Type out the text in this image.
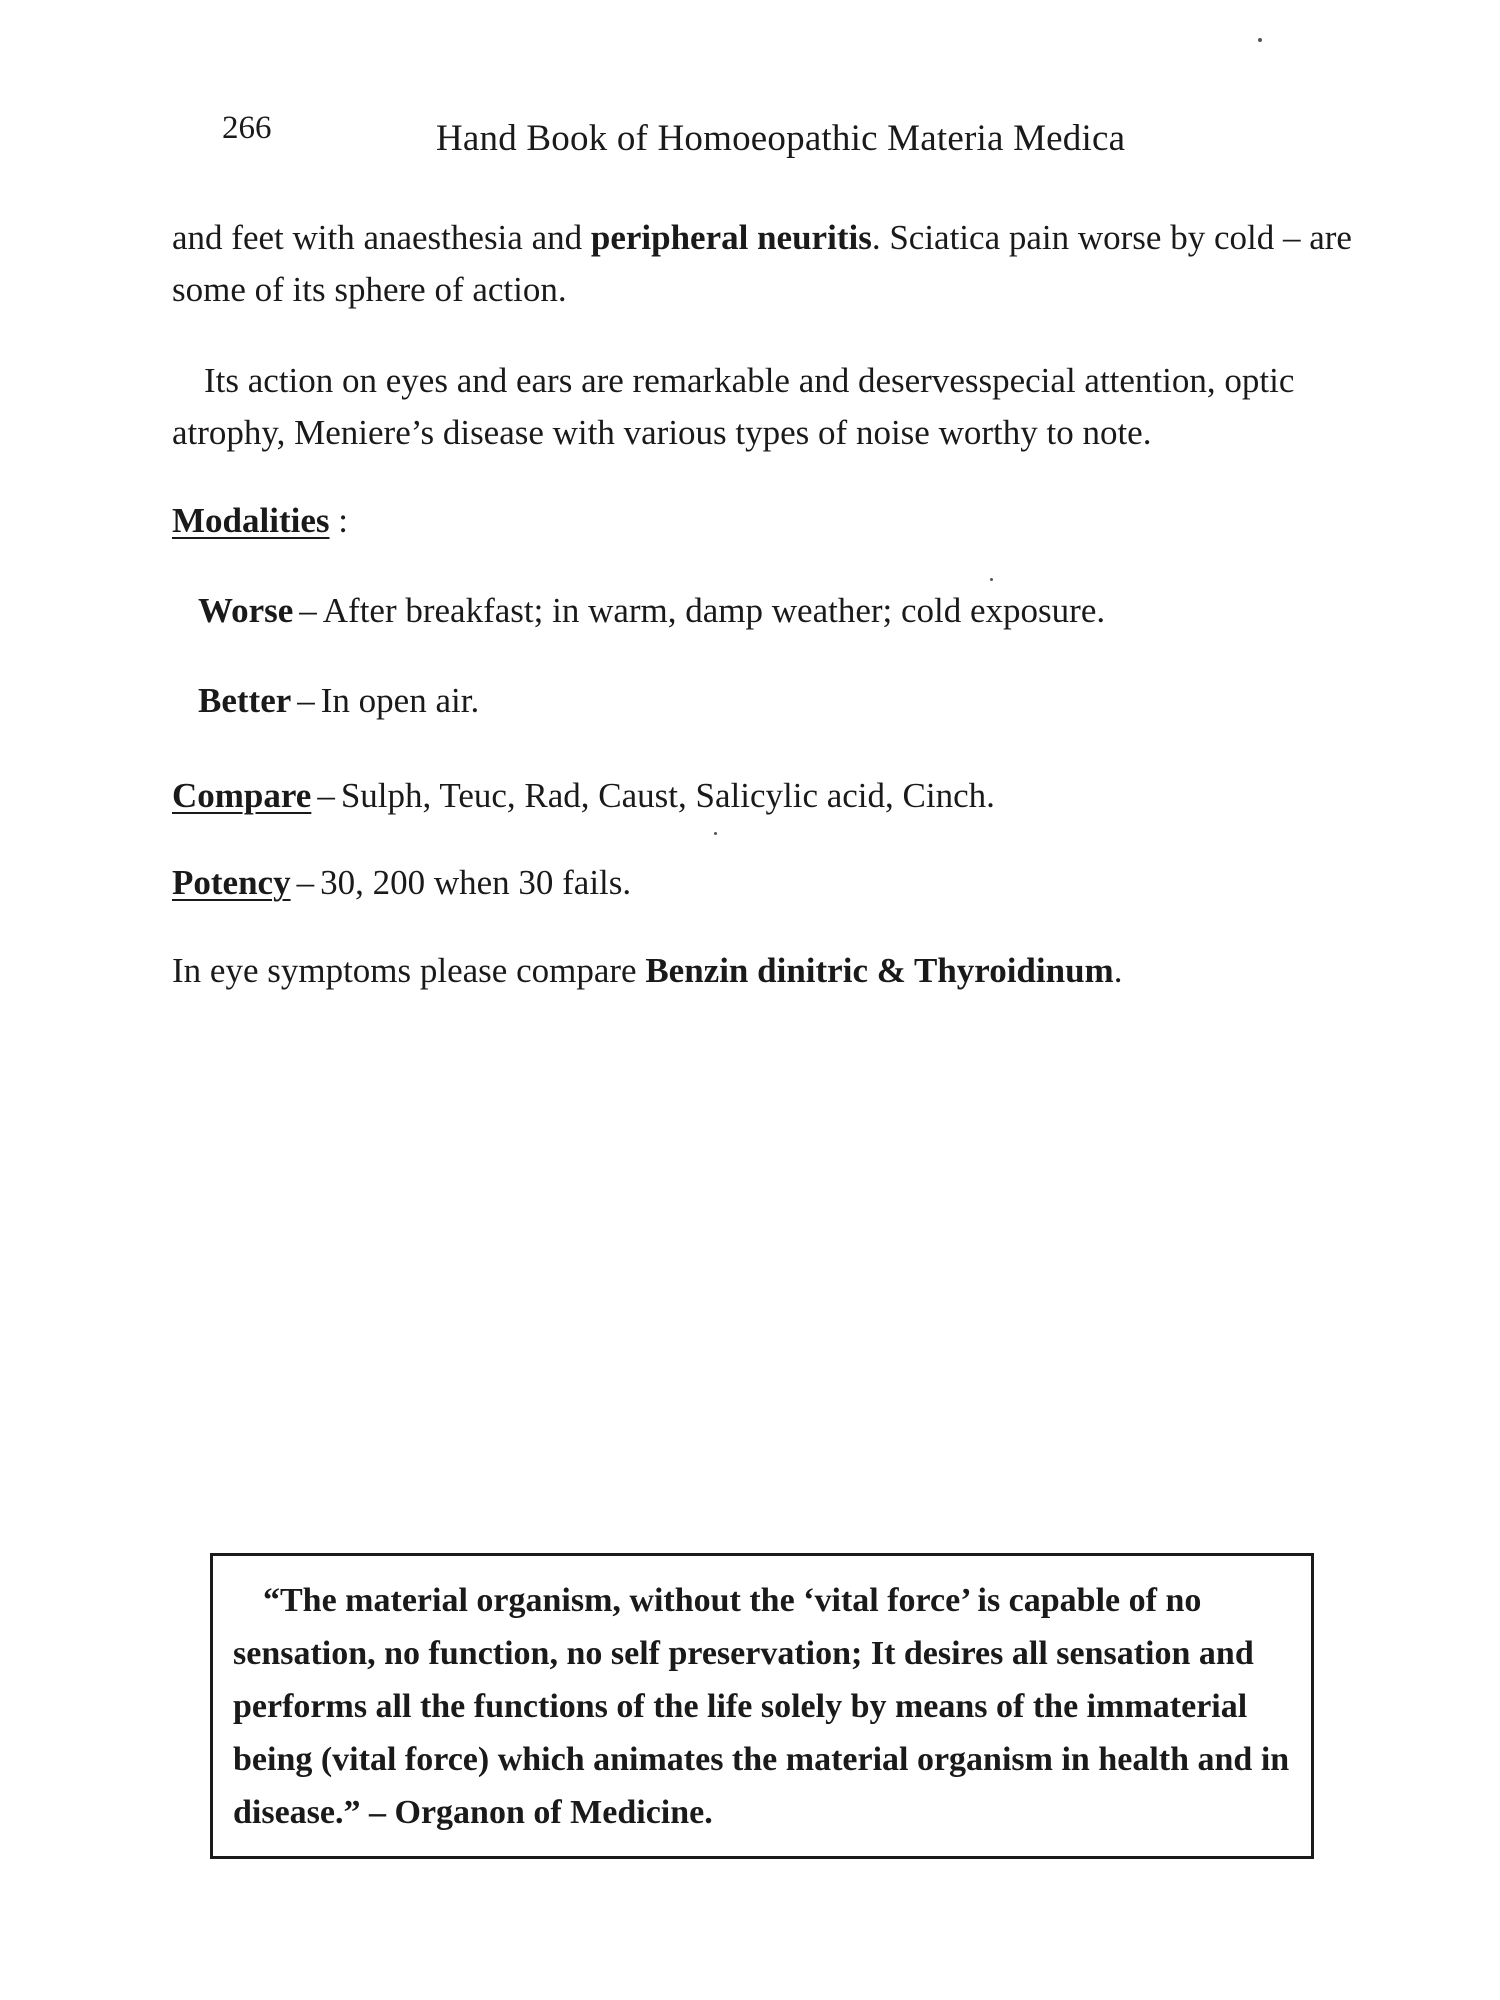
266	Hand Book of Homoeopathic Materia Medica
and feet with anaesthesia and peripheral neuritis. Sciatica pain worse by cold – are some of its sphere of action.
Its action on eyes and ears are remarkable and deservesspecial attention, optic atrophy, Meniere’s disease with various types of noise worthy to note.
Modalities :
Worse – After breakfast; in warm, damp weather; cold exposure.
Better – In open air.
Compare – Sulph, Teuc, Rad, Caust, Salicylic acid, Cinch.
Potency – 30, 200 when 30 fails.
In eye symptoms please compare Benzin dinitric & Thyroidinum.
“The material organism, without the ‘vital force’ is capable of no sensation, no function, no self preservation; It desires all sensation and performs all the functions of the life solely by means of the immaterial being (vital force) which animates the material organism in health and in disease.” – Organon of Medicine.
